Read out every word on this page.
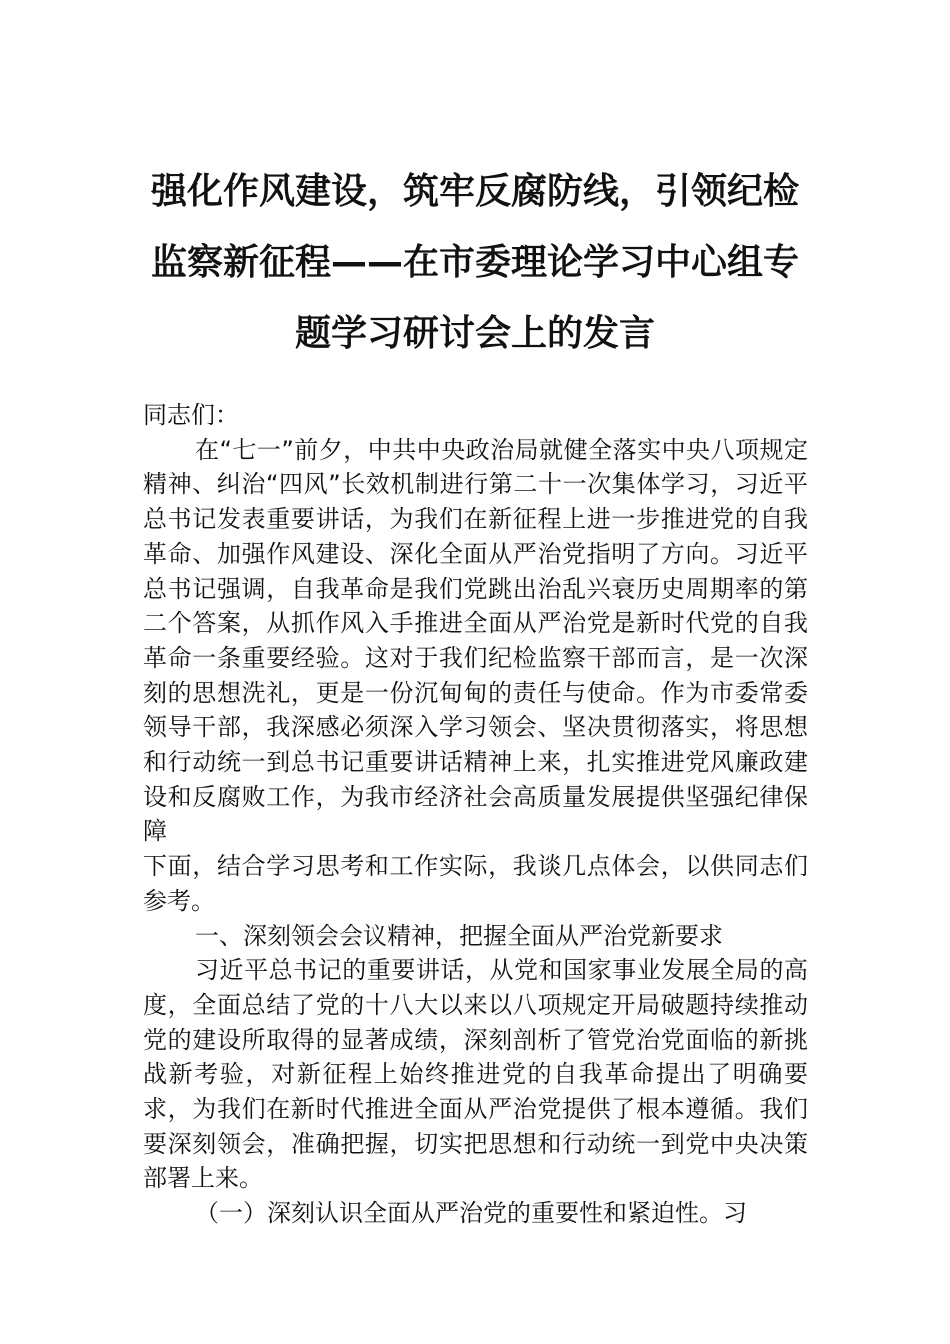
强化作风建设，筑牢反腐防线，引领纪检
监察新征程——在市委理论学习中心组专
题学习研讨会上的发言

同志们：

在“七一”前夕，中共中央政治局就健全落实中央八项规定精神、纠治“四风”长效机制进行第二十一次集体学习，习近平总书记发表重要讲话，为我们在新征程上进一步推进党的自我革命、加强作风建设、深化全面从严治党指明了方向。习近平总书记强调，自我革命是我们党跳出治乱兴衰历史周期率的第二个答案，从抓作风入手推进全面从严治党是新时代党的自我革命一条重要经验。这对于我们纪检监察干部而言，是一次深刻的思想洗礼，更是一份沉甸甸的责任与使命。作为市委常委领导干部，我深感必须深入学习领会、坚决贯彻落实，将思想和行动统一到总书记重要讲话精神上来，扎实推进党风廉政建设和反腐败工作，为我市经济社会高质量发展提供坚强纪律保障

下面，结合学习思考和工作实际，我谈几点体会，以供同志们参考。

一、深刻领会会议精神，把握全面从严治党新要求

习近平总书记的重要讲话，从党和国家事业发展全局的高度，全面总结了党的十八大以来以八项规定开局破题持续推动党的建设所取得的显著成绩，深刻剖析了管党治党面临的新挑战新考验，对新征程上始终推进党的自我革命提出了明确要求，为我们在新时代推进全面从严治党提供了根本遵循。我们要深刻领会，准确把握，切实把思想和行动统一到党中央决策部署上来。

（一）深刻认识全面从严治党的重要性和紧迫性。习
